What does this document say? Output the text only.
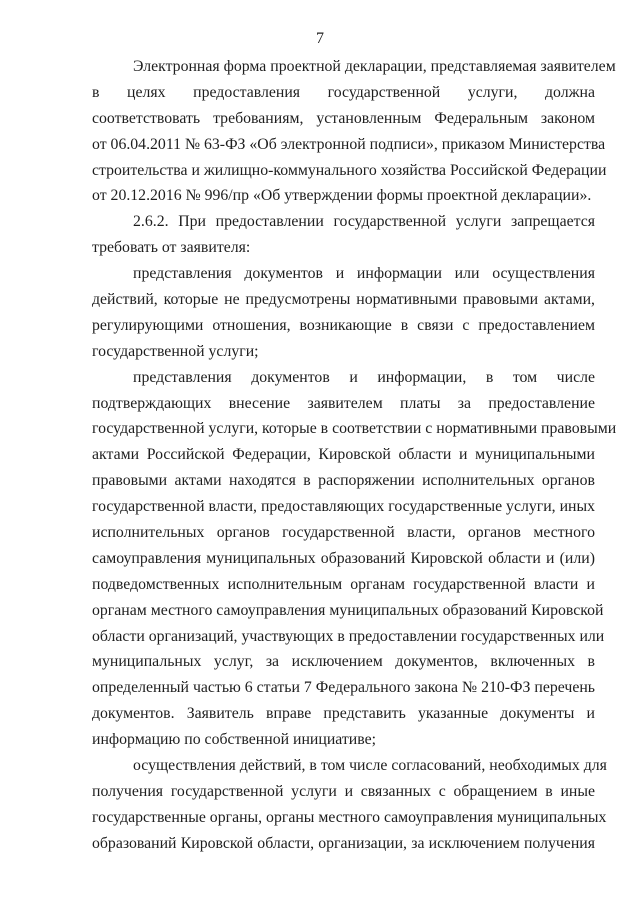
7
Электронная форма проектной декларации, представляемая заявителем
в целях предоставления государственной услуги, должна
соответствовать требованиям, установленным Федеральным законом
от 06.04.2011 № 63-ФЗ «Об электронной подписи», приказом Министерства
строительства и жилищно-коммунального хозяйства Российской Федерации
от 20.12.2016 № 996/пр «Об утверждении формы проектной декларации».
2.6.2. При предоставлении государственной услуги запрещается
требовать от заявителя:
представления документов и информации или осуществления
действий, которые не предусмотрены нормативными правовыми актами,
регулирующими отношения, возникающие в связи с предоставлением
государственной услуги;
представления документов и информации, в том числе
подтверждающих внесение заявителем платы за предоставление
государственной услуги, которые в соответствии с нормативными правовыми
актами Российской Федерации, Кировской области и муниципальными
правовыми актами находятся в распоряжении исполнительных органов
государственной власти, предоставляющих государственные услуги, иных
исполнительных органов государственной власти, органов местного
самоуправления муниципальных образований Кировской области и (или)
подведомственных исполнительным органам государственной власти и
органам местного самоуправления муниципальных образований Кировской
области организаций, участвующих в предоставлении государственных или
муниципальных услуг, за исключением документов, включенных в
определенный частью 6 статьи 7 Федерального закона № 210-ФЗ перечень
документов. Заявитель вправе представить указанные документы и
информацию по собственной инициативе;
осуществления действий, в том числе согласований, необходимых для
получения государственной услуги и связанных с обращением в иные
государственные органы, органы местного самоуправления муниципальных
образований Кировской области, организации, за исключением получения
